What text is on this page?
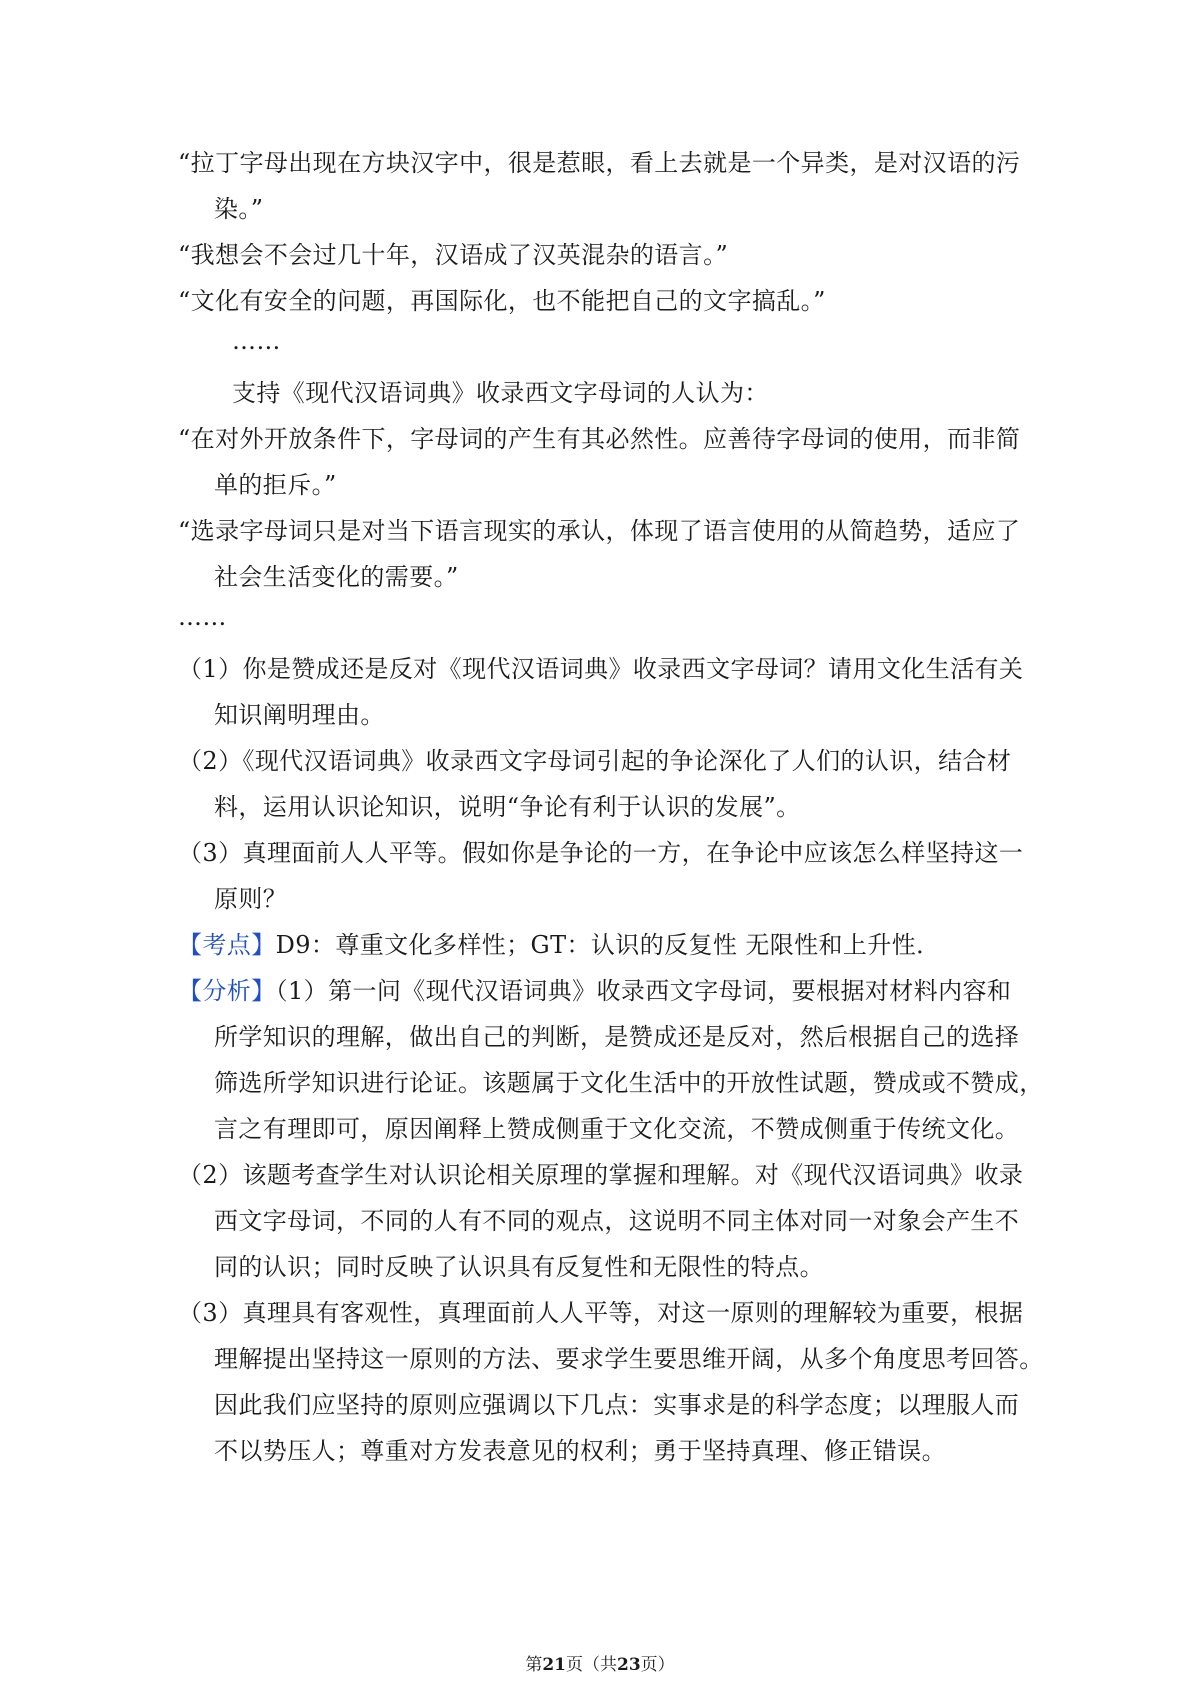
“拉丁字母出现在方块汉字中，很是惹眼，看上去就是一个异类，是对汉语的污
染。”
“我想会不会过几十年，汉语成了汉英混杂的语言。”
“文化有安全的问题，再国际化，也不能把自己的文字搞乱。”
……
支持《现代汉语词典》收录西文字母词的人认为：
“在对外开放条件下，字母词的产生有其必然性。应善待字母词的使用，而非简
单的拒斥。”
“选录字母词只是对当下语言现实的承认，体现了语言使用的从简趋势，适应了
社会生活变化的需要。”
……
（1）你是赞成还是反对《现代汉语词典》收录西文字母词？请用文化生活有关
知识阐明理由。
（2）《现代汉语词典》收录西文字母词引起的争论深化了人们的认识，结合材
料，运用认识论知识，说明“争论有利于认识的发展”。
（3）真理面前人人平等。假如你是争论的一方，在争论中应该怎么样坚持这一
原则？
【考点】D9：尊重文化多样性；GT：认识的反复性 无限性和上升性．
【分析】（1）第一问《现代汉语词典》收录西文字母词，要根据对材料内容和
所学知识的理解，做出自己的判断，是赞成还是反对，然后根据自己的选择
筛选所学知识进行论证。该题属于文化生活中的开放性试题，赞成或不赞成，
言之有理即可，原因阐释上赞成侧重于文化交流，不赞成侧重于传统文化。
（2）该题考查学生对认识论相关原理的掌握和理解。对《现代汉语词典》收录
西文字母词，不同的人有不同的观点，这说明不同主体对同一对象会产生不
同的认识；同时反映了认识具有反复性和无限性的特点。
（3）真理具有客观性，真理面前人人平等，对这一原则的理解较为重要，根据
理解提出坚持这一原则的方法、要求学生要思维开阔，从多个角度思考回答。
因此我们应坚持的原则应强调以下几点：实事求是的科学态度；以理服人而
不以势压人；尊重对方发表意见的权利；勇于坚持真理、修正错误。
第21页（共23页）
